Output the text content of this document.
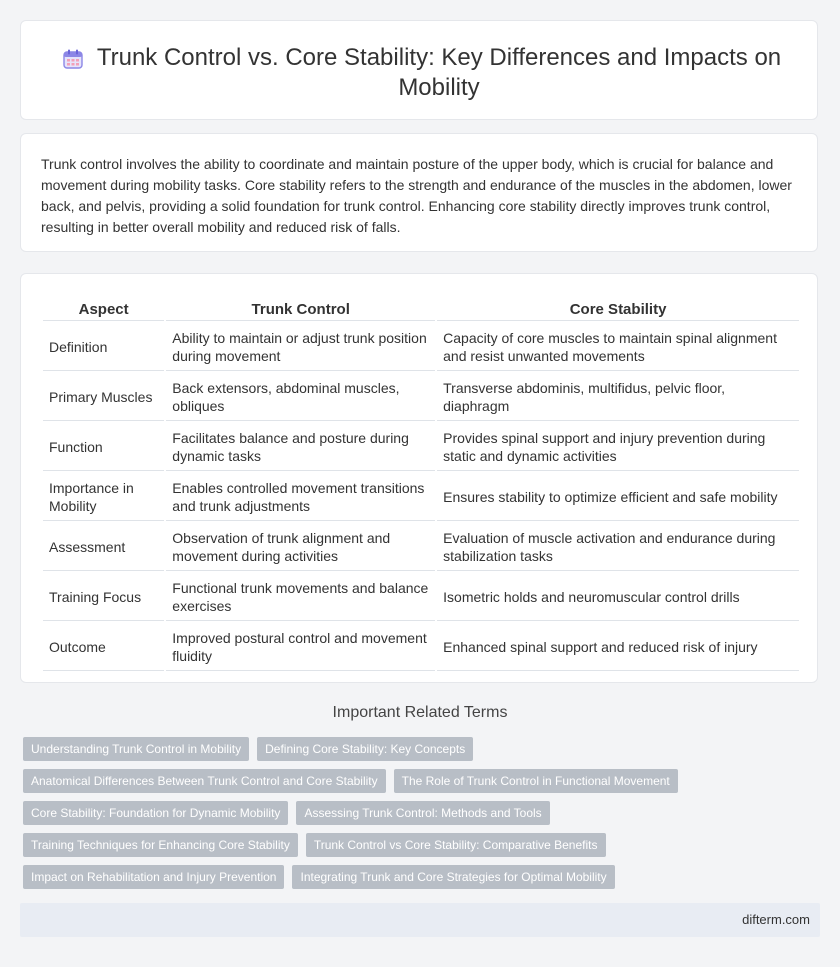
Trunk Control vs. Core Stability: Key Differences and Impacts on Mobility

Trunk control involves the ability to coordinate and maintain posture of the upper body, which is crucial for balance and movement during mobility tasks. Core stability refers to the strength and endurance of the muscles in the abdomen, lower back, and pelvis, providing a solid foundation for trunk control. Enhancing core stability directly improves trunk control, resulting in better overall mobility and reduced risk of falls.

Aspect	Trunk Control	Core Stability
Definition	Ability to maintain or adjust trunk position during movement	Capacity of core muscles to maintain spinal alignment and resist unwanted movements
Primary Muscles	Back extensors, abdominal muscles, obliques	Transverse abdominis, multifidus, pelvic floor, diaphragm
Function	Facilitates balance and posture during dynamic tasks	Provides spinal support and injury prevention during static and dynamic activities
Importance in Mobility	Enables controlled movement transitions and trunk adjustments	Ensures stability to optimize efficient and safe mobility
Assessment	Observation of trunk alignment and movement during activities	Evaluation of muscle activation and endurance during stabilization tasks
Training Focus	Functional trunk movements and balance exercises	Isometric holds and neuromuscular control drills
Outcome	Improved postural control and movement fluidity	Enhanced spinal support and reduced risk of injury
Important Related Terms
Understanding Trunk Control in Mobility	Defining Core Stability: Key Concepts
Anatomical Differences Between Trunk Control and Core Stability	The Role of Trunk Control in Functional Movement
Core Stability: Foundation for Dynamic Mobility	Assessing Trunk Control: Methods and Tools
Training Techniques for Enhancing Core Stability	Trunk Control vs Core Stability: Comparative Benefits
Impact on Rehabilitation and Injury Prevention	Integrating Trunk and Core Strategies for Optimal Mobility
difterm.com
